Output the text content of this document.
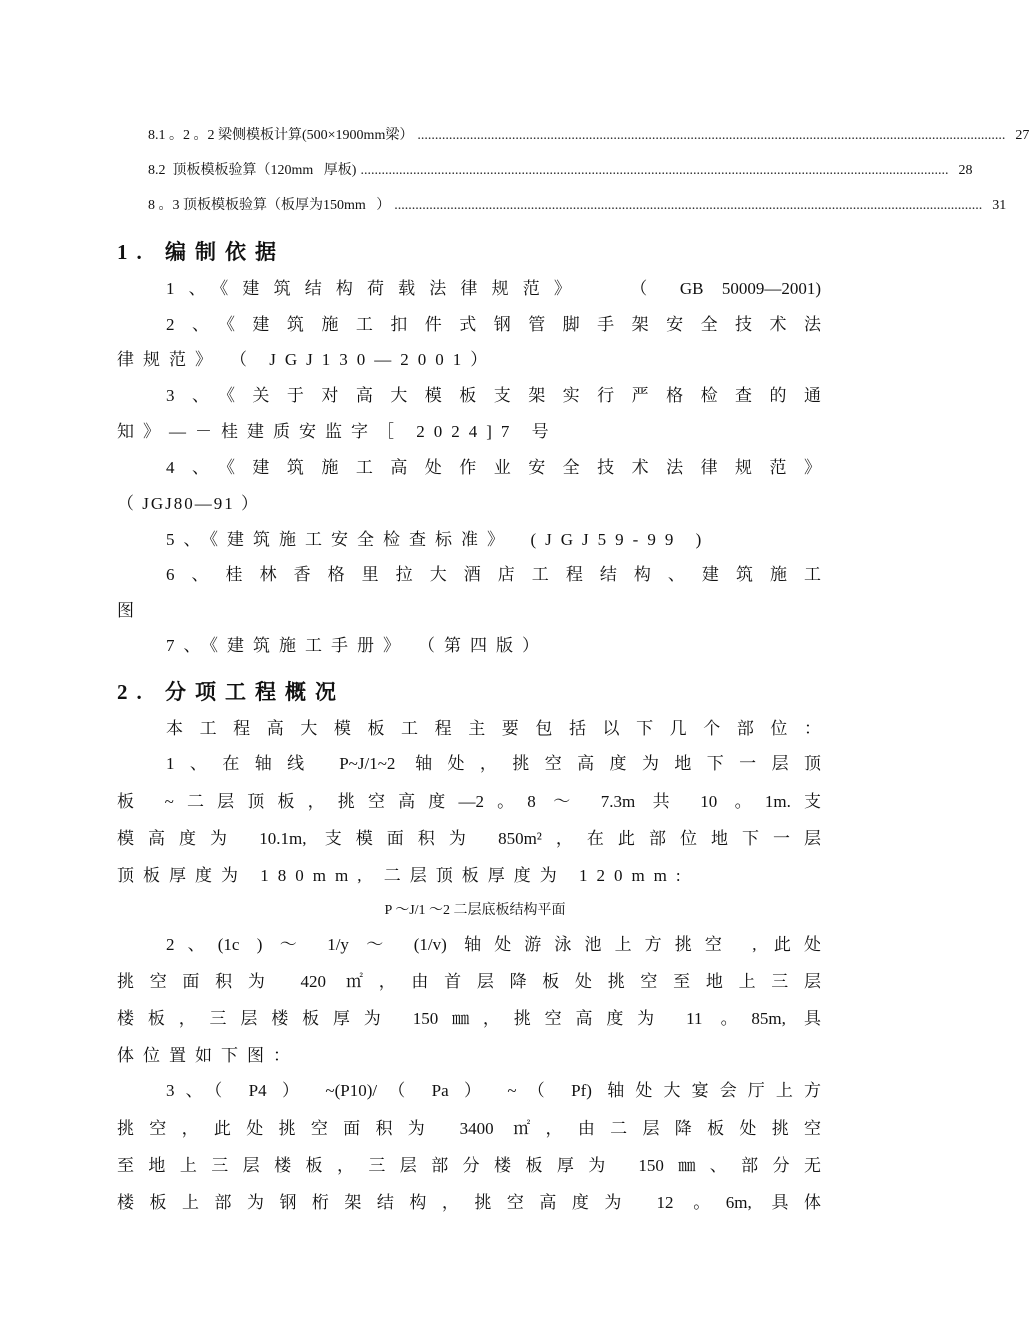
8.1 。2 。2 梁侧模板计算(500×1900mm梁） ........................................................................................................................................................................ 27
8.2  顶板模板验算（120mm   厚板) ........................................................................................................................................................................ 28
8 。3 顶板模板验算（板厚为150mm   ） ........................................................................................................................................................................ 31
1. 编制依据
1、《建筑结构荷载法律规范》　　（ GB 50009—2001)
2、《建筑施工扣件式钢管脚手架安全技术法
律规范》　（ JGJ130—2001）
3、《关于对高大模板支架实行严格检查的通
知》—－桂建质安监字［ 2024]7 号
4、《建筑施工高处作业安全技术法律规范》
（ JGJ80—91 ）
5、《建筑施工安全检查标准》　(JGJ59-99 )
6、桂林香格里拉大酒店工程结构、建筑施工
图
7、《建筑施工手册》　（第四版）
2. 分项工程概况
本工程高大模板工程主要包括以下几个部位：
1、在轴线 P~J/1~2 轴处，挑空高度为地下一层顶
板 ~二层顶板，挑空高度—2。8 ～ 7.3m 共 10 。1m.支
模高度为 10.1m, 支模面积为 850m²，在此部位地下一层
顶板厚度为 180mm, 二层顶板厚度为 120mm:
P ～J/1 ～2 二层底板结构平面
2、(1c ) ～ 1/y ～ (1/v) 轴处游泳池上方挑空 , 此处
挑空面积为 420 ㎡，由首层降板处挑空至地上三层
楼板，三层楼板厚为 150㎜，挑空高度为 11 。85m, 具
体位置如下图：
3、（ P4 ） ~(P10)/（ Pa ） ~（ Pf) 轴处大宴会厅上方
挑空，此处挑空面积为 3400 ㎡，由二层降板处挑空
至地上三层楼板，三层部分楼板厚为 150㎜、部分无
楼板上部为钢桁架结构，挑空高度为 12 。6m, 具体
